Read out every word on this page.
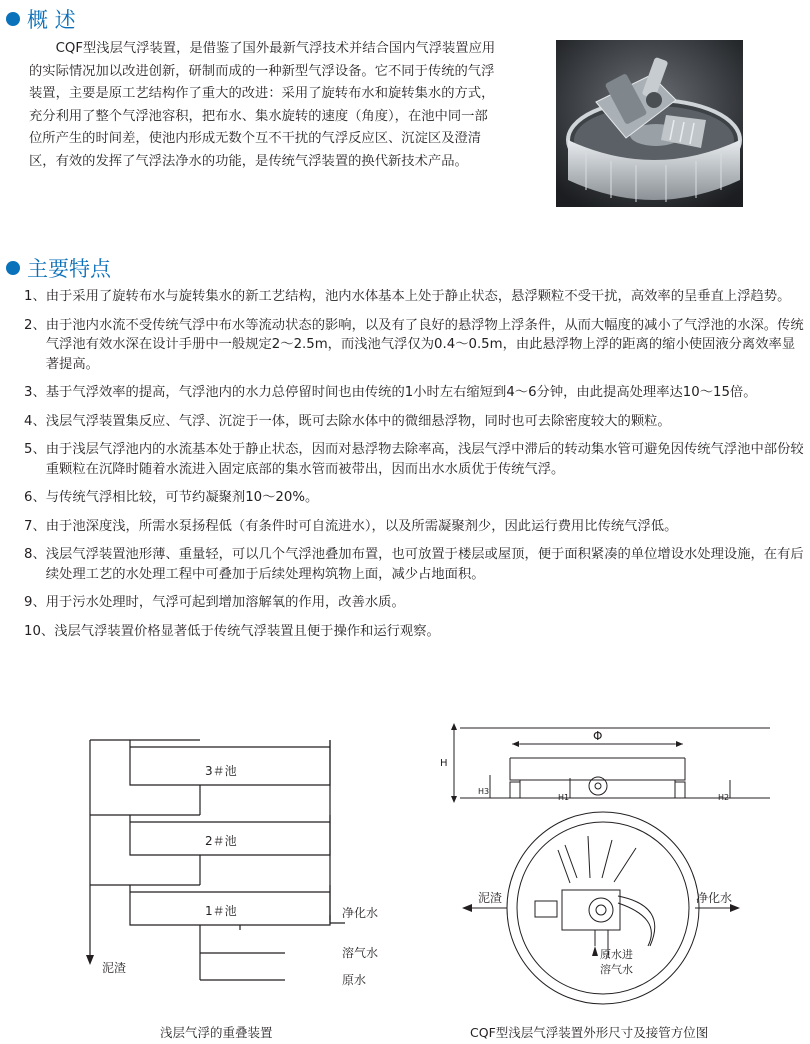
概 述

　　CQF型浅层气浮装置，是借鉴了国外最新气浮技术并结合国内气浮装置应用的实际情况加以改进创新，研制而成的一种新型气浮设备。它不同于传统的气浮装置，主要是原工艺结构作了重大的改进：采用了旋转布水和旋转集水的方式，充分利用了整个气浮池容积，把布水、集水旋转的速度（角度），在池中同一部位所产生的时间差，使池内形成无数个互不干扰的气浮反应区、沉淀区及澄清区，有效的发挥了气浮法净水的功能，是传统气浮装置的换代新技术产品。

主要特点
1、 由于采用了旋转布水与旋转集水的新工艺结构，池内水体基本上处于静止状态，悬浮颗粒不受干扰，高效率的呈垂直上浮趋势。
2、 由于池内水流不受传统气浮中布水等流动状态的影响，以及有了良好的悬浮物上浮条件，从而大幅度的减小了气浮池的水深。传统气浮池有效水深在设计手册中一般规定2～2.5m，而浅池气浮仅为0.4～0.5m，由此悬浮物上浮的距离的缩小使固液分离效率显著提高。
3、 基于气浮效率的提高，气浮池内的水力总停留时间也由传统的1小时左右缩短到4～6分钟，由此提高处理率达10～15倍。
4、 浅层气浮装置集反应、气浮、沉淀于一体，既可去除水体中的微细悬浮物，同时也可去除密度较大的颗粒。
5、 由于浅层气浮池内的水流基本处于静止状态，因而对悬浮物去除率高，浅层气浮中滞后的转动集水管可避免因传统气浮池中部份较重颗粒在沉降时随着水流进入固定底部的集水管而被带出，因而出水水质优于传统气浮。
6、 与传统气浮相比较，可节约凝聚剂10～20%。
7、 由于池深度浅，所需水泵扬程低（有条件时可自流进水），以及所需凝聚剂少，因此运行费用比传统气浮低。
8、 浅层气浮装置池形薄、重量轻，可以几个气浮池叠加布置，也可放置于楼层或屋顶，便于面积紧凑的单位增设水处理设施，在有后续处理工艺的水处理工程中可叠加于后续处理构筑物上面，减少占地面积。
9、 用于污水处理时，气浮可起到增加溶解氧的作用，改善水质。
10、 浅层气浮装置价格显著低于传统气浮装置且便于操作和运行观察。
泥渣
3＃池
2＃池
1＃池	净化水
溶气水
原水
Φ
H
H3
H1	H2
泥渣	净化水
原水进
溶气水
浅层气浮的重叠装置	CQF型浅层气浮装置外形尺寸及接管方位图
